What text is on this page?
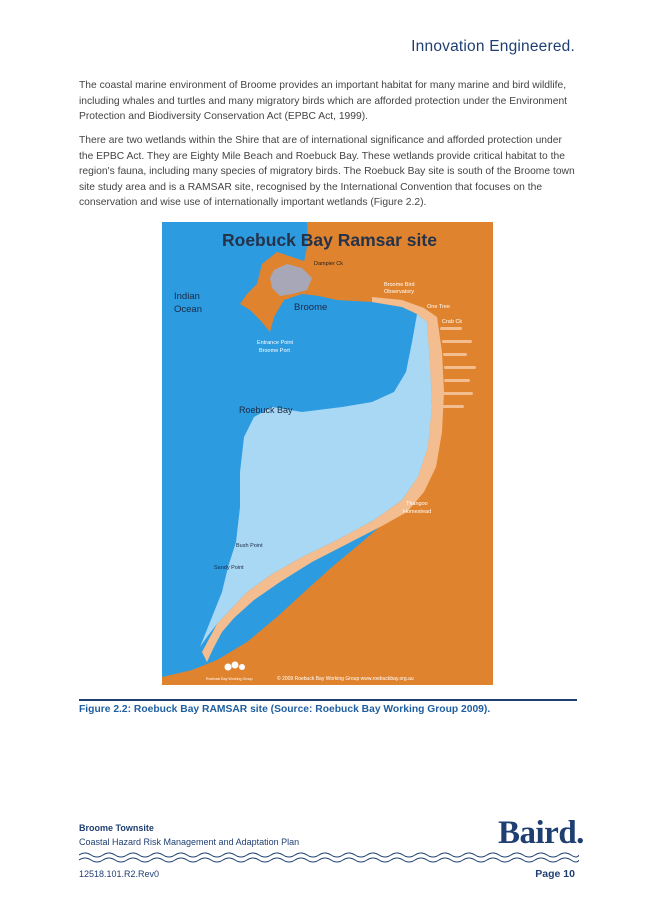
Innovation Engineered.

The coastal marine environment of Broome provides an important habitat for many marine and bird wildlife, including whales and turtles and many migratory birds which are afforded protection under the Environment Protection and Biodiversity Conservation Act (EPBC Act, 1999).

There are two wetlands within the Shire that are of international significance and afforded protection under the EPBC Act. They are Eighty Mile Beach and Roebuck Bay. These wetlands provide critical habitat to the region's fauna, including many species of migratory birds. The Roebuck Bay site is south of the Broome town site study area and is a RAMSAR site, recognised by the International Convention that focuses on the conservation and wise use of internationally important wetlands (Figure 2.2).

Roebuck Bay Ramsar site
Dampier Ck
Indian
Ocean	Broome
Broome Bird
Observatory
One Tree
Crab Ck
Entrance Point
Broome Port
Roebuck Bay
Thangoo
Homestead
Bush Point
Sandy Point
Roebuck Bay Working Group	© 2009 Roebuck Bay Working Group www.roebuckbay.org.au
Figure 2.2: Roebuck Bay RAMSAR site (Source: Roebuck Bay Working Group 2009).
Broome Townsite
Coastal Hazard Risk Management and Adaptation Plan	Baird.
12518.101.R2.Rev0	Page 10
